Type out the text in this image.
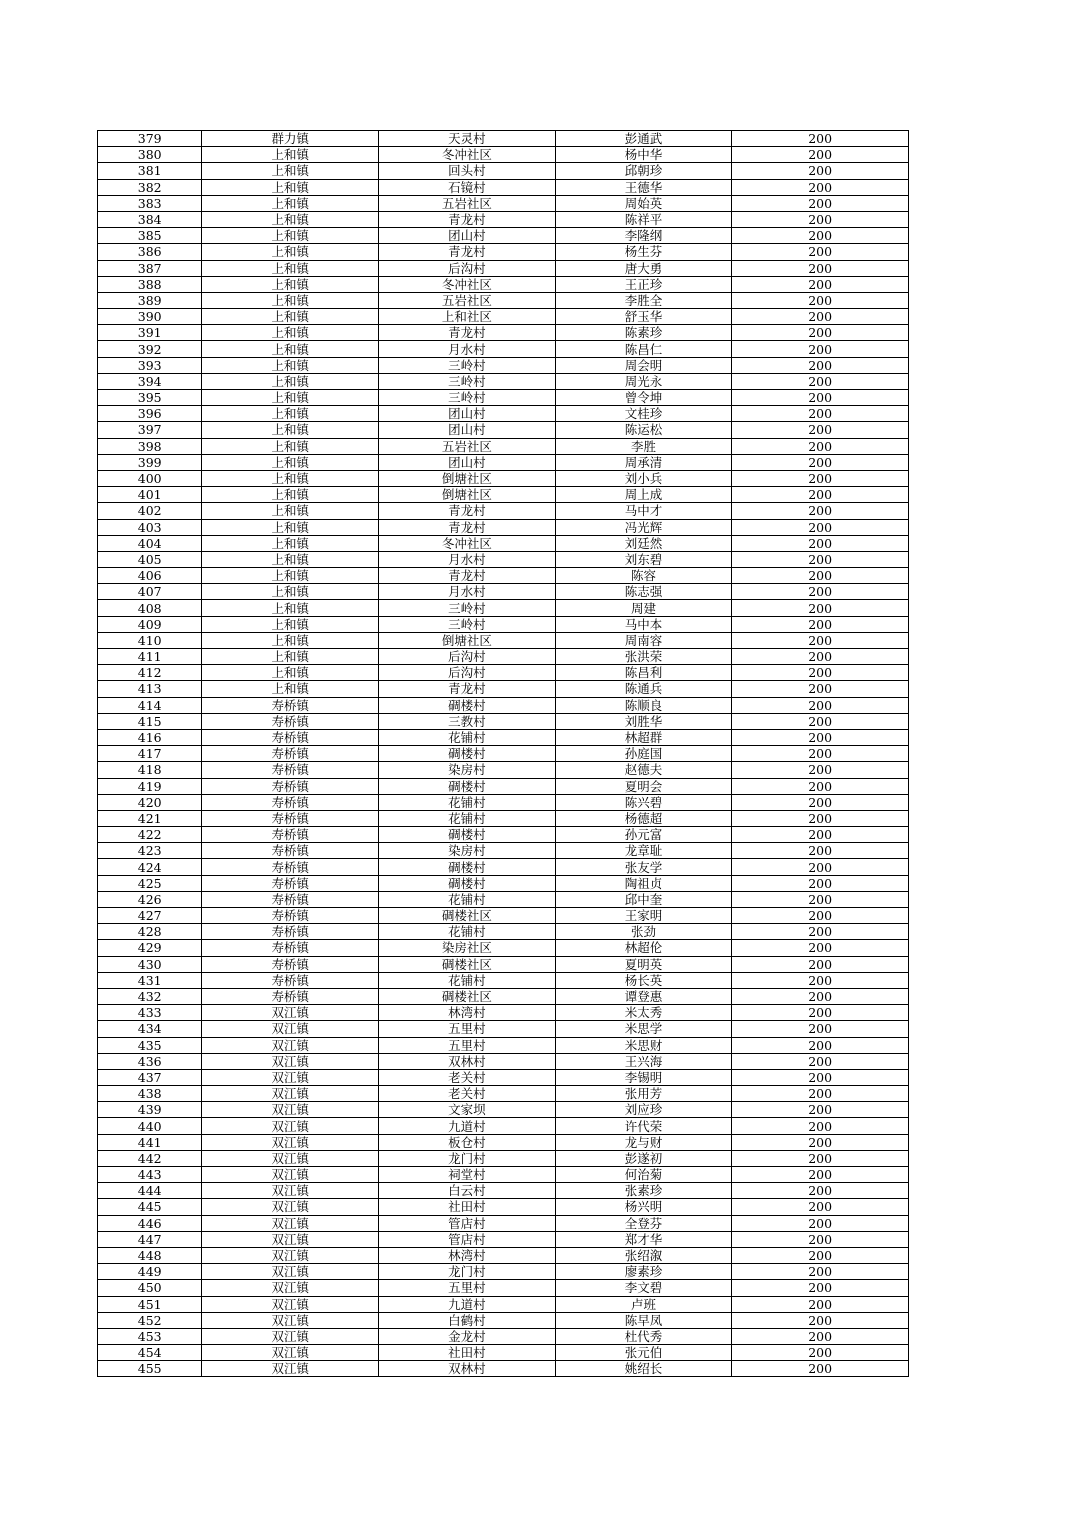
379	群力镇	天灵村	彭通武	200
380	上和镇	冬冲社区	杨中华	200
381	上和镇	回头村	邱朝珍	200
382	上和镇	石镜村	王德华	200
383	上和镇	五岩社区	周始英	200
384	上和镇	青龙村	陈祥平	200
385	上和镇	团山村	李隆纲	200
386	上和镇	青龙村	杨生芬	200
387	上和镇	后沟村	唐大勇	200
388	上和镇	冬冲社区	王正珍	200
389	上和镇	五岩社区	李胜全	200
390	上和镇	上和社区	舒玉华	200
391	上和镇	青龙村	陈素珍	200
392	上和镇	月水村	陈昌仁	200
393	上和镇	三岭村	周会明	200
394	上和镇	三岭村	周光永	200
395	上和镇	三岭村	曾令坤	200
396	上和镇	团山村	文桂珍	200
397	上和镇	团山村	陈运松	200
398	上和镇	五岩社区	李胜	200
399	上和镇	团山村	周承清	200
400	上和镇	倒塘社区	刘小兵	200
401	上和镇	倒塘社区	周上成	200
402	上和镇	青龙村	马中才	200
403	上和镇	青龙村	冯光辉	200
404	上和镇	冬冲社区	刘廷然	200
405	上和镇	月水村	刘东碧	200
406	上和镇	青龙村	陈容	200
407	上和镇	月水村	陈志强	200
408	上和镇	三岭村	周建	200
409	上和镇	三岭村	马中本	200
410	上和镇	倒塘社区	周南容	200
411	上和镇	后沟村	张洪荣	200
412	上和镇	后沟村	陈昌利	200
413	上和镇	青龙村	陈通兵	200
414	寿桥镇	碉楼村	陈顺良	200
415	寿桥镇	三教村	刘胜华	200
416	寿桥镇	花铺村	林超群	200
417	寿桥镇	碉楼村	孙庭国	200
418	寿桥镇	染房村	赵德夫	200
419	寿桥镇	碉楼村	夏明会	200
420	寿桥镇	花铺村	陈兴碧	200
421	寿桥镇	花铺村	杨德超	200
422	寿桥镇	碉楼村	孙元富	200
423	寿桥镇	染房村	龙章耻	200
424	寿桥镇	碉楼村	张友学	200
425	寿桥镇	碉楼村	陶祖贞	200
426	寿桥镇	花铺村	邱中奎	200
427	寿桥镇	碉楼社区	王家明	200
428	寿桥镇	花铺村	张劲	200
429	寿桥镇	染房社区	林超伦	200
430	寿桥镇	碉楼社区	夏明英	200
431	寿桥镇	花铺村	杨长英	200
432	寿桥镇	碉楼社区	谭登惠	200
433	双江镇	林湾村	米太秀	200
434	双江镇	五里村	米思学	200
435	双江镇	五里村	米思财	200
436	双江镇	双林村	王兴海	200
437	双江镇	老关村	李锡明	200
438	双江镇	老关村	张用芳	200
439	双江镇	文家坝	刘应珍	200
440	双江镇	九道村	许代荣	200
441	双江镇	板仓村	龙与财	200
442	双江镇	龙门村	彭遂初	200
443	双江镇	祠堂村	何治菊	200
444	双江镇	白云村	张素珍	200
445	双江镇	社田村	杨兴明	200
446	双江镇	管店村	全登芬	200
447	双江镇	管店村	郑才华	200
448	双江镇	林湾村	张绍溆	200
449	双江镇	龙门村	廖素珍	200
450	双江镇	五里村	李文碧	200
451	双江镇	九道村	卢班	200
452	双江镇	白鹤村	陈早凤	200
453	双江镇	金龙村	杜代秀	200
454	双江镇	社田村	张元伯	200
455	双江镇	双林村	姚绍长	200
